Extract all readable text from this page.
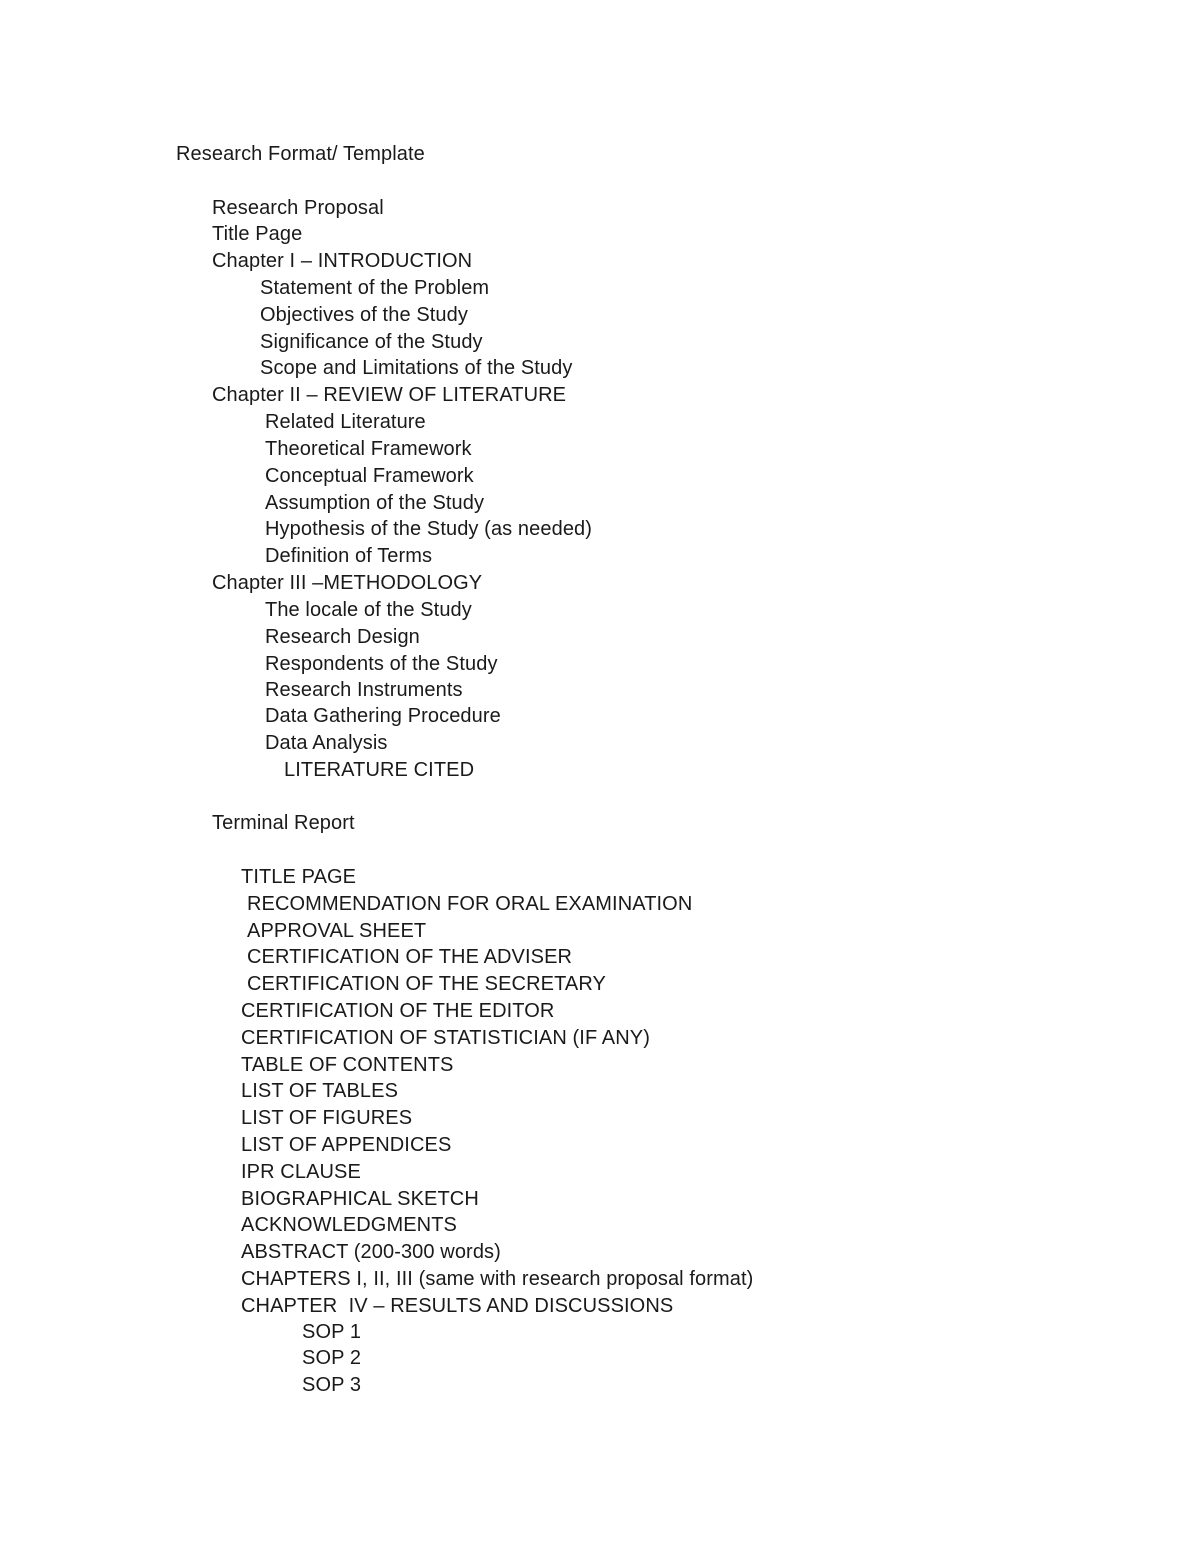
Research Format/ Template
Research Proposal
Title Page
Chapter I – INTRODUCTION
Statement of the Problem
Objectives of the Study
Significance of the Study
Scope and Limitations of the Study
Chapter II – REVIEW OF LITERATURE
Related Literature
Theoretical Framework
Conceptual Framework
Assumption of the Study
Hypothesis of the Study (as needed)
Definition of Terms
Chapter III –METHODOLOGY
The locale of the Study
Research Design
Respondents of the Study
Research Instruments
Data Gathering Procedure
Data Analysis
LITERATURE CITED
Terminal Report
TITLE PAGE
RECOMMENDATION FOR ORAL EXAMINATION
APPROVAL SHEET
CERTIFICATION OF THE ADVISER
CERTIFICATION OF THE SECRETARY
CERTIFICATION OF THE EDITOR
CERTIFICATION OF STATISTICIAN (IF ANY)
TABLE OF CONTENTS
LIST OF TABLES
LIST OF FIGURES
LIST OF APPENDICES
IPR CLAUSE
BIOGRAPHICAL SKETCH
ACKNOWLEDGMENTS
ABSTRACT (200-300 words)
CHAPTERS I, II, III (same with research proposal format)
CHAPTER  IV – RESULTS AND DISCUSSIONS
SOP 1
SOP 2
SOP 3
